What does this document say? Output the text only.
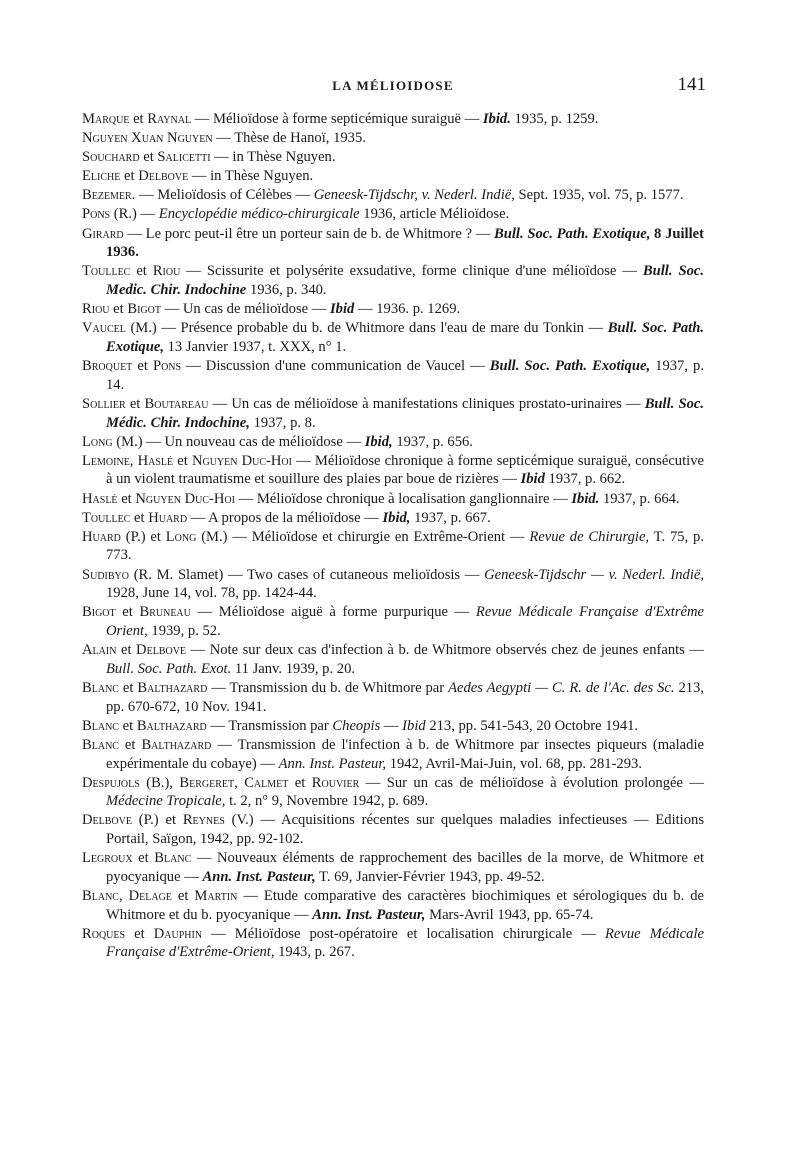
LA MÉLIOIDOSE	141

Marque et Raynal — Mélioïdose à forme septicémique suraiguë — Ibid. 1935, p. 1259.

Nguyen Xuan Nguyen — Thèse de Hanoï, 1935.

Souchard et Salicetti — in Thèse Nguyen.

Eliche et Delbove — in Thèse Nguyen.

Bezemer. — Melioïdosis of Célèbes — Geneesk-Tijdschr, v. Nederl. Indië, Sept. 1935, vol. 75, p. 1577.

Pons (R.) — Encyclopédie médico-chirurgicale 1936, article Mélioïdose.

Girard — Le porc peut-il être un porteur sain de b. de Whitmore ? — Bull. Soc. Path. Exotique, 8 Juillet 1936.

Toullec et Riou — Scissurite et polysérite exsudative, forme clinique d'une mélioïdose — Bull. Soc. Medic. Chir. Indochine 1936, p. 340.

Riou et Bigot — Un cas de mélioïdose — Ibid — 1936. p. 1269.

Vaucel (M.) — Présence probable du b. de Whitmore dans l'eau de mare du Tonkin — Bull. Soc. Path. Exotique, 13 Janvier 1937, t. XXX, n° 1.

Broquet et Pons — Discussion d'une communication de Vaucel — Bull. Soc. Path. Exotique, 1937, p. 14.

Sollier et Boutareau — Un cas de mélioïdose à manifestations cliniques prostato-urinaires — Bull. Soc. Médic. Chir. Indochine, 1937, p. 8.

Long (M.) — Un nouveau cas de mélioïdose — Ibid, 1937, p. 656.

Lemoine, Haslé et Nguyen Duc-Hoi — Mélioïdose chronique à forme septicémique suraiguë, consécutive à un violent traumatisme et souillure des plaies par boue de rizières — Ibid 1937, p. 662.

Haslé et Nguyen Duc-Hoi — Mélioïdose chronique à localisation ganglionnaire — Ibid. 1937, p. 664.

Toullec et Huard — A propos de la mélioïdose — Ibid, 1937, p. 667.

Huard (P.) et Long (M.) — Mélioïdose et chirurgie en Extrême-Orient — Revue de Chirurgie, T. 75, p. 773.

Sudibyo (R. M. Slamet) — Two cases of cutaneous melioïdosis — Geneesk-Tijdschr — v. Nederl. Indië, 1928, June 14, vol. 78, pp. 1424-44.

Bigot et Bruneau — Mélioïdose aiguë à forme purpurique — Revue Médicale Française d'Extrême Orient, 1939, p. 52.

Alain et Delbove — Note sur deux cas d'infection à b. de Whitmore observés chez de jeunes enfants — Bull. Soc. Path. Exot. 11 Janv. 1939, p. 20.

Blanc et Balthazard — Transmission du b. de Whitmore par Aedes Aegypti — C. R. de l'Ac. des Sc. 213, pp. 670-672, 10 Nov. 1941.

Blanc et Balthazard — Transmission par Cheopis — Ibid 213, pp. 541-543, 20 Octobre 1941.

Blanc et Balthazard — Transmission de l'infection à b. de Whitmore par insectes piqueurs (maladie expérimentale du cobaye) — Ann. Inst. Pasteur, 1942, Avril-Mai-Juin, vol. 68, pp. 281-293.

Despujols (B.), Bergeret, Calmet et Rouvier — Sur un cas de mélioïdose à évolution prolongée — Médecine Tropicale, t. 2, n° 9, Novembre 1942, p. 689.

Delbove (P.) et Reynes (V.) — Acquisitions récentes sur quelques maladies infectieuses — Editions Portail, Saïgon, 1942, pp. 92-102.

Legroux et Blanc — Nouveaux éléments de rapprochement des bacilles de la morve, de Whitmore et pyocyanique — Ann. Inst. Pasteur, T. 69, Janvier-Février 1943, pp. 49-52.

Blanc, Delage et Martin — Etude comparative des caractères biochimiques et sérologiques du b. de Whitmore et du b. pyocyanique — Ann. Inst. Pasteur, Mars-Avril 1943, pp. 65-74.

Roques et Dauphin — Mélioïdose post-opératoire et localisation chirurgicale — Revue Médicale Française d'Extrême-Orient, 1943, p. 267.
